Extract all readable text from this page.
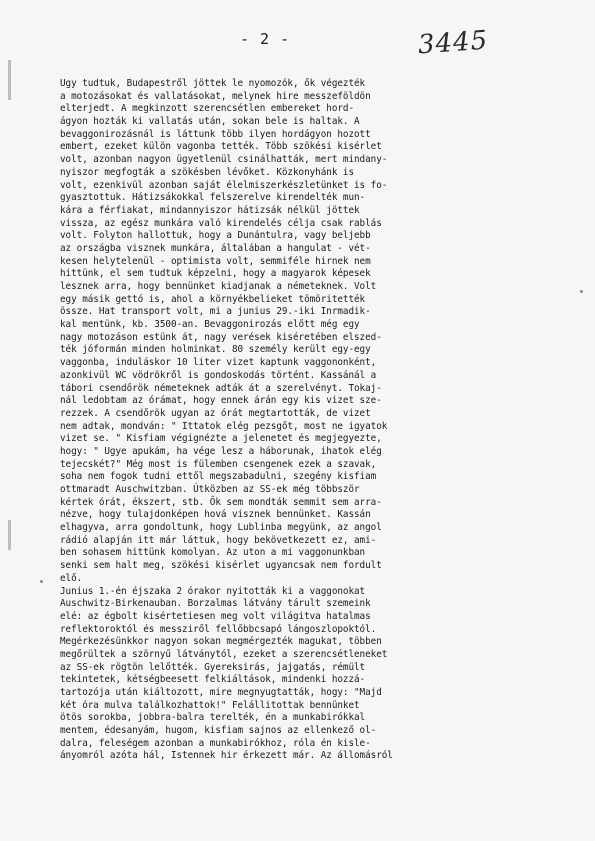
- 2 -	3445
Ugy tudtuk, Budapestről jöttek le nyomozók, ők végezték
a motozásokat és vallatásokat, melynek hire messzeföldön
elterjedt. A megkinzott szerencsétlen embereket hord-
ágyon hozták ki vallatás után, sokan bele is haltak. A
bevaggonirozásnál is láttunk több ilyen hordágyon hozott
embert, ezeket külön vagonba tették. Több szökési kisérlet
volt, azonban nagyon ügyetlenül csinálhatták, mert mindany-
nyiszor megfogták a szökésben lévőket. Közkonyhánk is
volt, ezenkivül azonban saját élelmiszerkészletünket is fo-
gyasztottuk. Hátizsákokkal felszerelve kirendelték mun-
kára a férfiakat, mindannyiszor hátizsák nélkül jöttek
vissza, az egész munkára való kirendelés célja csak rablás
volt. Folyton hallottuk, hogy a Dunántulra, vagy beljebb
az országba visznek munkára, általában a hangulat - vét-
kesen helytelenül - optimista volt, semmiféle hirnek nem
hittünk, el sem tudtuk képzelni, hogy a magyarok képesek
lesznek arra, hogy bennünket kiadjanak a németeknek. Volt
egy másik gettó is, ahol a környékbelieket tömöritették
össze. Hat transport volt, mi a junius 29.-iki Inrmadik-
kal mentünk, kb. 3500-an. Bevaggonirozás előtt még egy
nagy motozáson estünk át, nagy verések kiséretében elszed-
ték jóformán minden holminkat. 80 személy került egy-egy
vaggonba, induláskor 10 liter vizet kaptunk vaggononként,
azonkivül WC vödrökről is gondoskodás történt. Kassánál a
tábori csendőrök németeknek adták át a szerelvényt. Tokaj-
nál ledobtam az órámat, hogy ennek árán egy kis vizet sze-
rezzek. A csendőrök ugyan az órát megtartották, de vizet
nem adtak, mondván: " Ittatok elég pezsgőt, most ne igyatok
vizet se. " Kisfiam végignézte a jelenetet és megjegyezte,
hogy: " Ugye apukám, ha vége lesz a háborunak, ihatok elég
tejecskét?" Még most is fülemben csengenek ezek a szavak,
soha nem fogok tudni ettől megszabadulni, szegény kisfiam
ottmaradt Auschwitzban. Útközben az SS-ek még többször
kértek órát, ékszert, stb. Ők sem mondták semmit sem arra-
nézve, hogy tulajdonképen hová visznek bennünket. Kassán
elhagyva, arra gondoltunk, hogy Lublinba megyünk, az angol
rádió alapján itt már láttuk, hogy bekövetkezett ez, ami-
ben sohasem hittünk komolyan. Az uton a mi vaggonunkban
senki sem halt meg, szökési kisérlet ugyancsak nem fordult
elő.
Junius 1.-én éjszaka 2 órakor nyitották ki a vaggonokat
Auschwitz-Birkenauban. Borzalmas látvány tárult szemeink
elé: az égbolt kisértetiesen meg volt világitva hatalmas
reflektoroktól és messziről fellőbbcsapó lángoszlopoktól.
Megérkezésünkkor nagyon sokan megmérgezték magukat, többen
megőrültek a szörnyű látványtól, ezeket a szerencsétleneket
az SS-ek rögtön lelőtték. Gyereksirás, jajgatás, rémült
tekintetek, kétségbeesett felkiáltások, mindenki hozzá-
tartozója után kiáltozott, mire megnyugtatták, hogy: "Majd
két óra mulva találkozhattok!" Felállitottak bennünket
ötös sorokba, jobbra-balra terelték, én a munkabirókkal
mentem, édesanyám, hugom, kisfiam sajnos az ellenkező ol-
dalra, feleségem azonban a munkabirókhoz, róla én kisle-
ányomról azóta hál, Istennek hir érkezett már. Az állomásról
